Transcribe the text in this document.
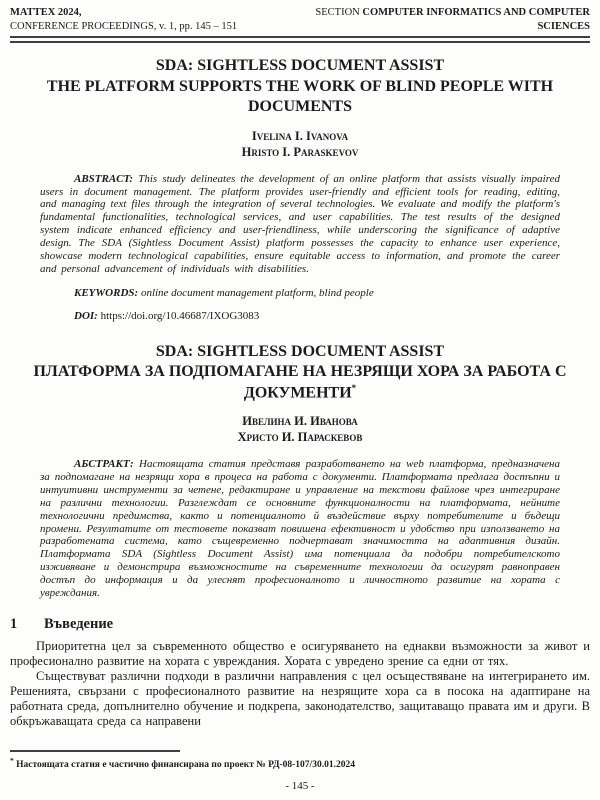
MATTEX 2024,
CONFERENCE PROCEEDINGS, v. 1, pp. 145 – 151
SECTION COMPUTER INFORMATICS AND COMPUTER SCIENCES
SDA: SIGHTLESS DOCUMENT ASSIST
THE PLATFORM SUPPORTS THE WORK OF BLIND PEOPLE WITH DOCUMENTS
Ivelina I. Ivanova
Hristo I. Paraskevov

ABSTRACT: This study delineates the development of an online platform that assists visually impaired users in document management. The platform provides user-friendly and efficient tools for reading, editing, and managing text files through the integration of several technologies. We evaluate and modify the platform's fundamental functionalities, technological services, and user capabilities. The test results of the designed system indicate enhanced efficiency and user-friendliness, while underscoring the significance of adaptive design. The SDA (Sightless Document Assist) platform possesses the capacity to enhance user experience, showcase modern technological capabilities, ensure equitable access to information, and promote the career and personal advancement of individuals with disabilities.

KEYWORDS: online document management platform, blind people

DOI: https://doi.org/10.46687/IXOG3083

SDA: SIGHTLESS DOCUMENT ASSIST
ПЛАТФОРМА ЗА ПОДПОМАГАНЕ НА НЕЗРЯЩИ ХОРА ЗА РАБОТА С ДОКУМЕНТИ*
Ивелина И. Иванова
Христо И. Параскевов

АБСТРАКТ: Настоящата статия представя разработването на web платформа, предназначена за подпомагане на незрящи хора в процеса на работа с документи. Платформата предлага достъпни и интуитивни инструменти за четене, редактиране и управление на текстови файлове чрез интегриране на различни технологии. Разглеждат се основните функционалности на платформата, нейните технологични предимства, както и потенциалното й въздействие върху потребителите и бъдещи промени. Резултатите от тестовете показват повишена ефективност и удобство при използването на разработената система, като същевременно подчертават значимостта на адаптивния дизайн. Платформата SDA (Sightless Document Assist) има потенциала да подобри потребителското изживяване и демонстрира възможностите на съвременните технологии да осигурят равноправен достъп до информация и да улеснят професионалното и личностното развитие на хората с увреждания.

1 Въведение

Приоритетна цел за съвременното общество е осигуряването на еднакви възможности за живот и професионално развитие на хората с увреждания. Хората с увредено зрение са едни от тях.

Съществуват различни подходи в различни направления с цел осъществяване на интегрирането им. Решенията, свързани с професионалното развитие на незрящите хора са в посока на адаптиране на работната среда, допълнително обучение и подкрепа, законодателство, защитаващо правата им и други. В обкръжаващата среда са направени

* Настоящата статия е частично финансирана по проект № РД-08-107/30.01.2024
- 145 -
